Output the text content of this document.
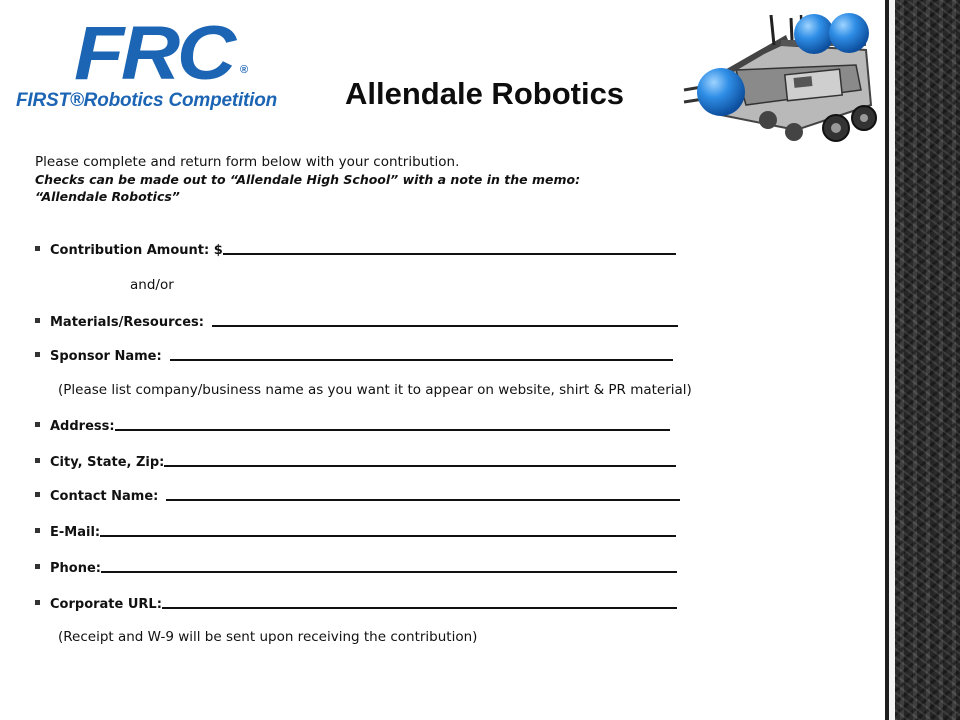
FRC ®
FIRST®Robotics Competition Allendale Robotics
Please complete and return form below with your contribution.
Checks can be made out to “Allendale High School” with a note in the memo:
“Allendale Robotics”
Contribution Amount: $
and/or
Materials/Resources:
Sponsor Name:
(Please list company/business name as you want it to appear on website, shirt & PR material)
Address:
City, State, Zip:
Contact Name:
E-Mail:
Phone:
Corporate URL:
(Receipt and W-9 will be sent upon receiving the contribution)
